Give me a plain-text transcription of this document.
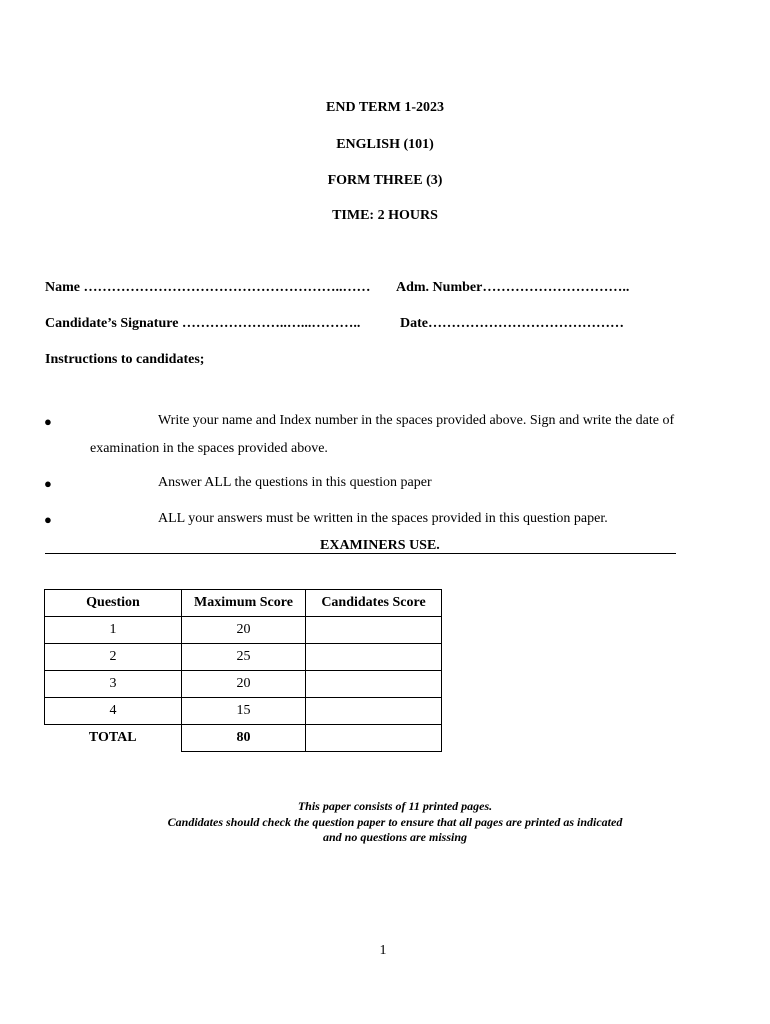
END TERM 1-2023
ENGLISH (101)
FORM THREE (3)
TIME: 2 HOURS
Name ………………………………………………..…… Adm. Number…………………………..
Candidate’s Signature …………………..…...………..	Date……………………………………
Instructions to candidates;
●	Write your name and Index number in the spaces provided above. Sign and write the date of
examination in the spaces provided above.
●	Answer ALL the questions in this question paper
●	ALL your answers must be written in the spaces provided in this question paper.
EXAMINERS USE.
Question	Maximum Score	Candidates Score
1	20	
2	25	
3	20	
4	15	
TOTAL	80	
This paper consists of 11 printed pages.
Candidates should check the question paper to ensure that all pages are printed as indicated
and no questions are missing
1
